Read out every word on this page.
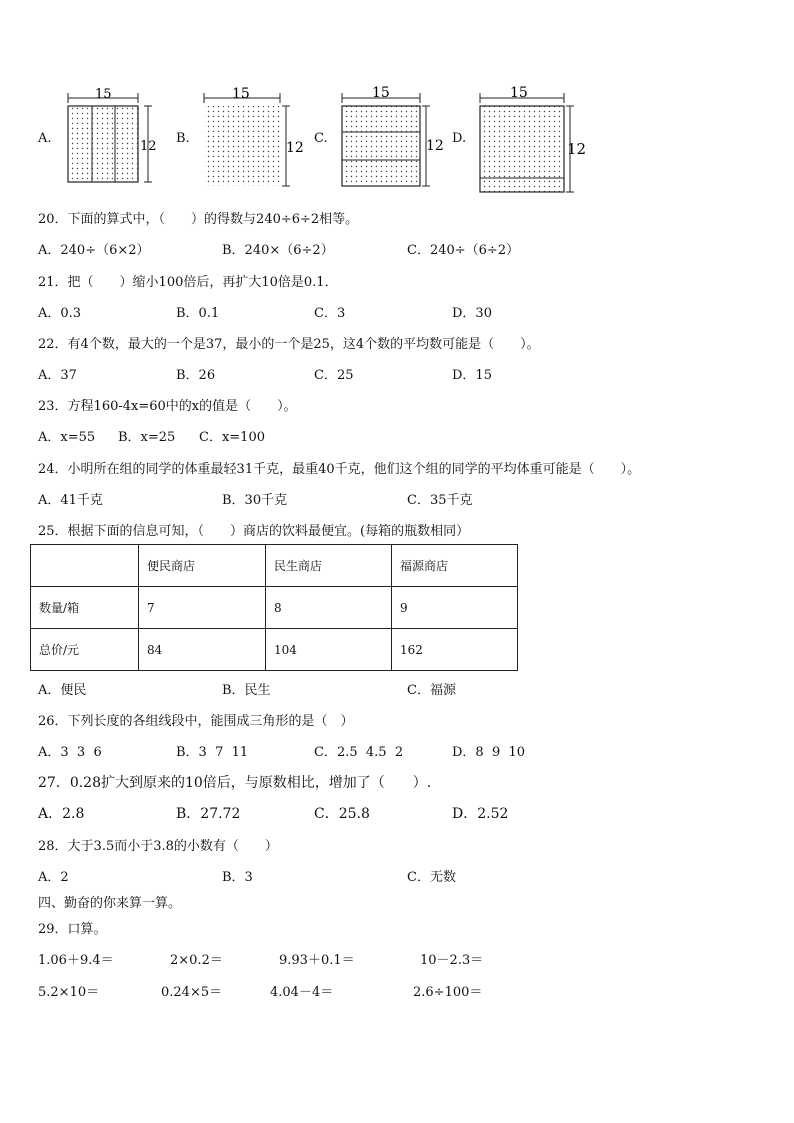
A.
15
12
B.
15
12
C.
15
12 D.
15
12
20．下面的算式中，（　　）的得数与240÷6÷2相等。
A．240÷（6×2）	B．240×（6÷2）	C．240÷（6÷2）
21．把（　　）缩小100倍后，再扩大10倍是0.1．
A．0.3	B．0.1	C．3	D．30
22．有4个数，最大的一个是37，最小的一个是25，这4个数的平均数可能是（　　）。
A．37	B．26	C．25	D．15
23．方程160-4x=60中的x的值是（　　）。
A．x=55 B．x=25 C．x=100
24．小明所在组的同学的体重最轻31千克，最重40千克，他们这个组的同学的平均体重可能是（　　）。
A．41千克	B．30千克	C．35千克
25．根据下面的信息可知，（　　）商店的饮料最便宜。(每箱的瓶数相同）
	便民商店	民生商店	福源商店
数量/箱	7	8	9
总价/元	84	104	162
A．便民	B．民生	C．福源
26．下列长度的各组线段中，能围成三角形的是（　）
A．3  3  6	B．3  7  11	C．2.5  4.5  2	D．8  9  10
27．0.28扩大到原来的10倍后，与原数相比，增加了（　　）.
A．2.8	B．27.72	C．25.8	D．2.52
28．大于3.5而小于3.8的小数有（　　）
A．2	B．3	C．无数
四、勤奋的你来算一算。
29．口算。
1.06＋9.4＝	2×0.2＝	9.93＋0.1＝	10－2.3＝
5.2×10＝	0.24×5＝	4.04－4＝	2.6÷100＝
